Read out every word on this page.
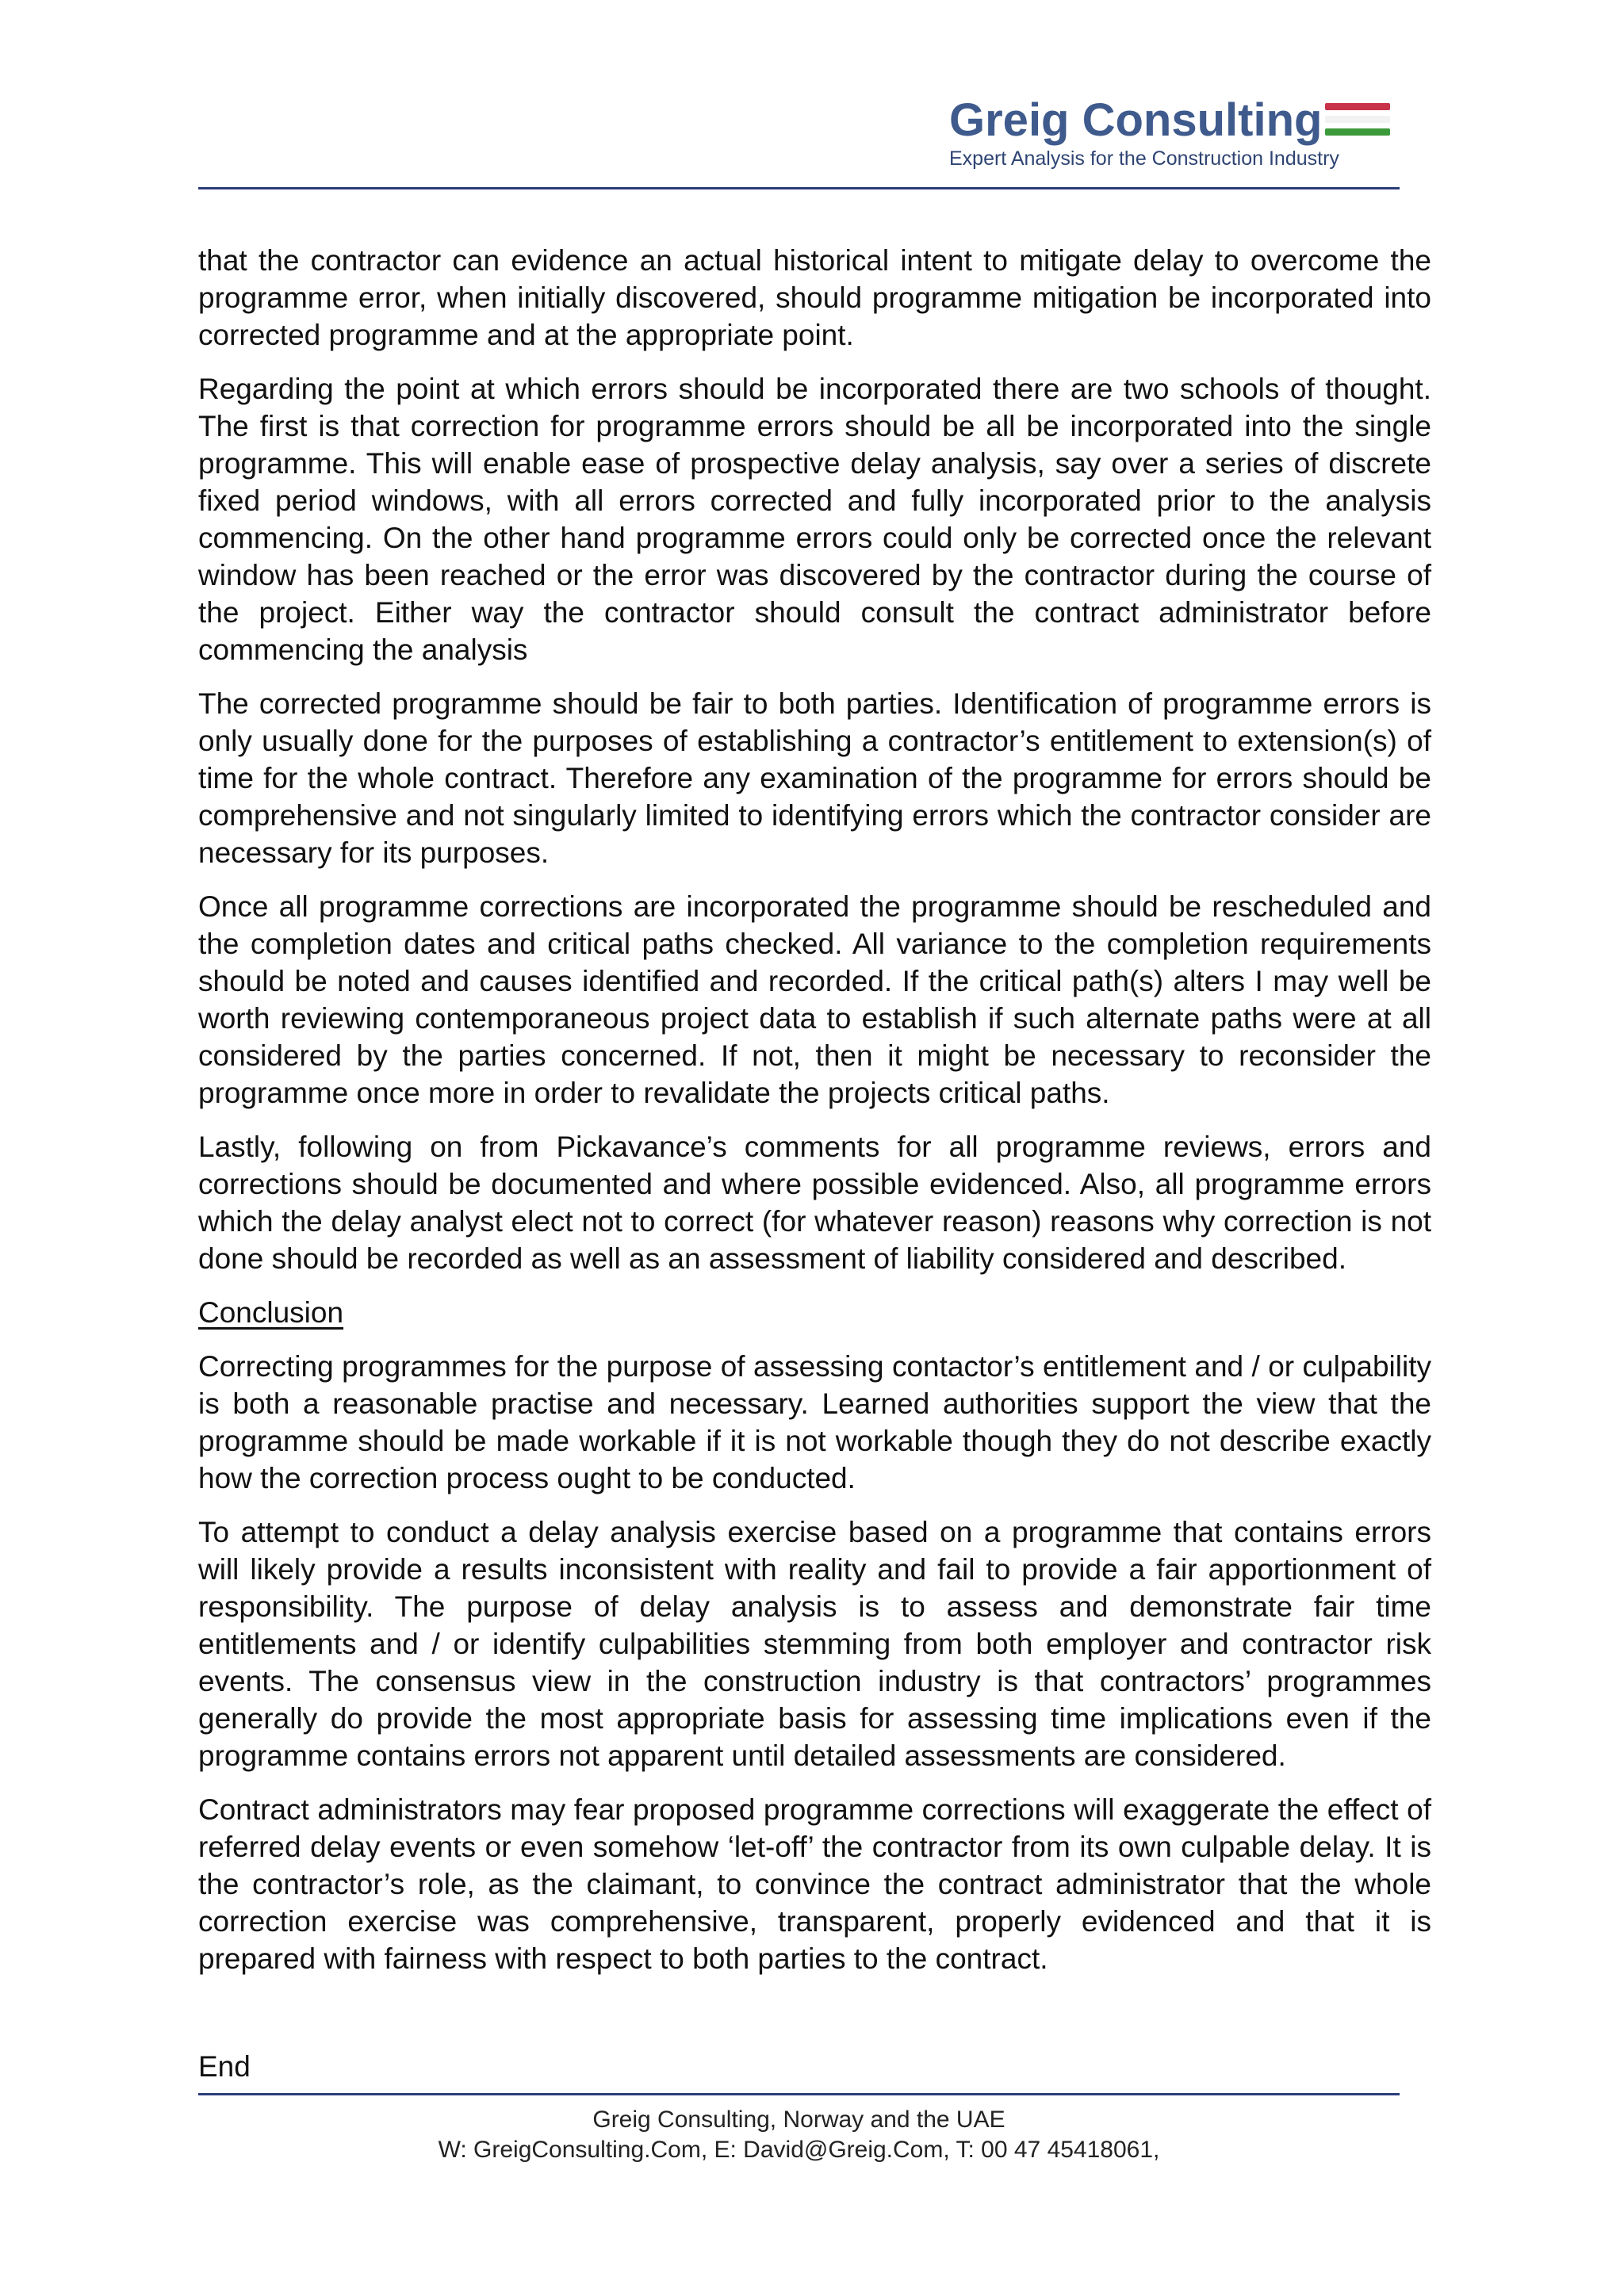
Greig Consulting
Expert Analysis for the Construction Industry

that the contractor can evidence an actual historical intent to mitigate delay to overcome the programme error, when initially discovered, should programme mitigation be incorporated into corrected programme and at the appropriate point.

Regarding the point at which errors should be incorporated there are two schools of thought. The first is that correction for programme errors should be all be incorporated into the single programme. This will enable ease of prospective delay analysis, say over a series of discrete fixed period windows, with all errors corrected and fully incorporated prior to the analysis commencing. On the other hand programme errors could only be corrected once the relevant window has been reached or the error was discovered by the contractor during the course of the project. Either way the contractor should consult the contract administrator before commencing the analysis

The corrected programme should be fair to both parties. Identification of programme errors is only usually done for the purposes of establishing a contractor’s entitlement to extension(s) of time for the whole contract. Therefore any examination of the programme for errors should be comprehensive and not singularly limited to identifying errors which the contractor consider are necessary for its purposes.

Once all programme corrections are incorporated the programme should be rescheduled and the completion dates and critical paths checked. All variance to the completion requirements should be noted and causes identified and recorded. If the critical path(s) alters I may well be worth reviewing contemporaneous project data to establish if such alternate paths were at all considered by the parties concerned. If not, then it might be necessary to reconsider the programme once more in order to revalidate the projects critical paths.

Lastly, following on from Pickavance’s comments for all programme reviews, errors and corrections should be documented and where possible evidenced. Also, all programme errors which the delay analyst elect not to correct (for whatever reason) reasons why correction is not done should be recorded as well as an assessment of liability considered and described.

Conclusion

Correcting programmes for the purpose of assessing contactor’s entitlement and / or culpability is both a reasonable practise and necessary. Learned authorities support the view that the programme should be made workable if it is not workable though they do not describe exactly how the correction process ought to be conducted.

To attempt to conduct a delay analysis exercise based on a programme that contains errors will likely provide a results inconsistent with reality and fail to provide a fair apportionment of responsibility. The purpose of delay analysis is to assess and demonstrate fair time entitlements and / or identify culpabilities stemming from both employer and contractor risk events. The consensus view in the construction industry is that contractors’ programmes generally do provide the most appropriate basis for assessing time implications even if the programme contains errors not apparent until detailed assessments are considered.

Contract administrators may fear proposed programme corrections will exaggerate the effect of referred delay events or even somehow ‘let-off’ the contractor from its own culpable delay. It is the contractor’s role, as the claimant, to convince the contract administrator that the whole correction exercise was comprehensive, transparent, properly evidenced and that it is prepared with fairness with respect to both parties to the contract.

End
Greig Consulting, Norway and the UAE
W: GreigConsulting.Com, E: David@Greig.Com, T: 00 47 45418061,
